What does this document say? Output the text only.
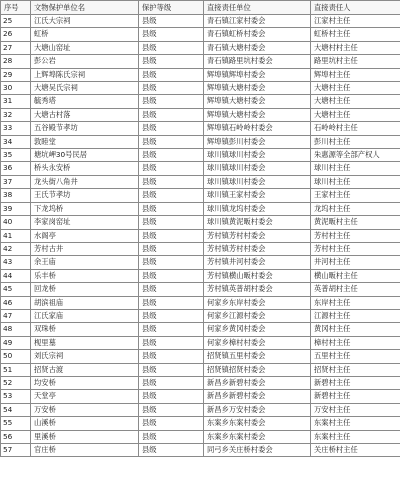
序号	文物保护单位名	保护等级	直接责任单位	直接责任人
25	江氏大宗祠	县级	青石镇江家村委会	江家村主任
26	虹桥	县级	青石镇虹桥村委会	虹桥村主任
27	大塘山窑址	县级	青石镇大塘村委会	大塘村村主任
28	彭公岩	县级	青石镇路里坑村委会	路里坑村主任
29	上辉埠陈氏宗祠	县级	辉埠镇辉埠村委会	辉埠村主任
30	大塘吴氏宗祠	县级	辉埠镇大塘村委会	大塘村主任
31	毓秀塔	县级	辉埠镇大塘村委会	大塘村主任
32	大塘古村落	县级	辉埠镇大塘村委会	大塘村主任
33	五谷殿节孝坊	县级	辉埠镇石岭岭村委会	石岭岭村主任
34	敦睦堂	县级	辉埠镇彭川村委会	彭川村主任
35	塘坑岬30号民居	县级	球川镇球川村委会	朱惠源等全部产权人
36	桥头永安桥	县级	球川镇球川村委会	球川村主任
37	龙头街八角井	县级	球川镇球川村委会	球川村主任
38	王氏节孝坊	县级	球川镇王家村委会	王家村主任
39	下龙坞桥	县级	球川镇龙坞村委会	龙坞村主任
40	李家岗窑址	县级	球川镇黄泥畈村委会	黄泥畈村主任
41	水阁亭	县级	芳村镇芳村村委会	芳村村主任
42	芳村古井	县级	芳村镇芳村村委会	芳村村主任
43	余王庙	县级	芳村镇井河村委会	井河村主任
44	乐丰桥	县级	芳村镇横山畈村委会	横山畈村主任
45	回龙桥	县级	芳村镇英普胡村委会	英普胡村主任
46	胡滨祖庙	县级	何家乡东岸村委会	东岸村主任
47	江氏家庙	县级	何家乡江源村委会	江源村主任
48	双珠桥	县级	何家乡黄冈村委会	黄冈村主任
49	枧里墓	县级	何家乡樟村村委会	樟村村主任
50	刘氏宗祠	县级	招贤镇五里村委会	五里村主任
51	招贤古渡	县级	招贤镇招贤村委会	招贤村主任
52	均安桥	县级	新昌乡新碧村委会	新碧村主任
53	天堂亭	县级	新昌乡新碧村委会	新碧村主任
54	万安桥	县级	新昌乡万安村委会	万安村主任
55	山溪桥	县级	东案乡东案村委会	东案村主任
56	里溪桥	县级	东案乡东案村委会	东案村主任
57	官庄桥	县级	同弓乡关庄桥村委会	关庄桥村主任
